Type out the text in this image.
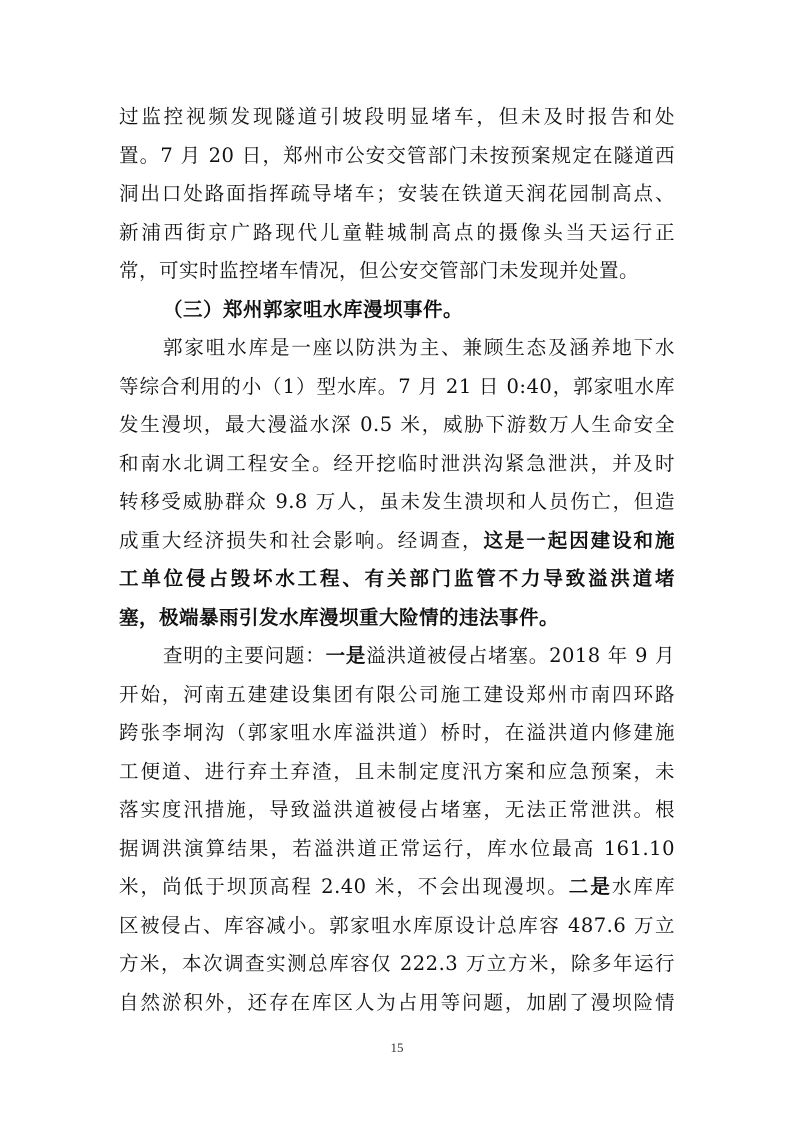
过监控视频发现隧道引坡段明显堵车，但未及时报告和处
置。7 月 20 日，郑州市公安交管部门未按预案规定在隧道西
洞出口处路面指挥疏导堵车；安装在铁道天润花园制高点、
新浦西街京广路现代儿童鞋城制高点的摄像头当天运行正
常，可实时监控堵车情况，但公安交管部门未发现并处置。
（三）郑州郭家咀水库漫坝事件。
郭家咀水库是一座以防洪为主、兼顾生态及涵养地下水
等综合利用的小（1）型水库。7 月 21 日 0:40，郭家咀水库
发生漫坝，最大漫溢水深 0.5 米，威胁下游数万人生命安全
和南水北调工程安全。经开挖临时泄洪沟紧急泄洪，并及时
转移受威胁群众 9.8 万人，虽未发生溃坝和人员伤亡，但造
成重大经济损失和社会影响。经调查，这是一起因建设和施
工单位侵占毁坏水工程、有关部门监管不力导致溢洪道堵
塞，极端暴雨引发水库漫坝重大险情的违法事件。
查明的主要问题：一是溢洪道被侵占堵塞。2018 年 9 月
开始，河南五建建设集团有限公司施工建设郑州市南四环路
跨张李垌沟（郭家咀水库溢洪道）桥时，在溢洪道内修建施
工便道、进行弃土弃渣，且未制定度汛方案和应急预案，未
落实度汛措施，导致溢洪道被侵占堵塞，无法正常泄洪。根
据调洪演算结果，若溢洪道正常运行，库水位最高 161.10
米，尚低于坝顶高程 2.40 米，不会出现漫坝。二是水库库
区被侵占、库容减小。郭家咀水库原设计总库容 487.6 万立
方米，本次调查实测总库容仅 222.3 万立方米，除多年运行
自然淤积外，还存在库区人为占用等问题，加剧了漫坝险情
15
